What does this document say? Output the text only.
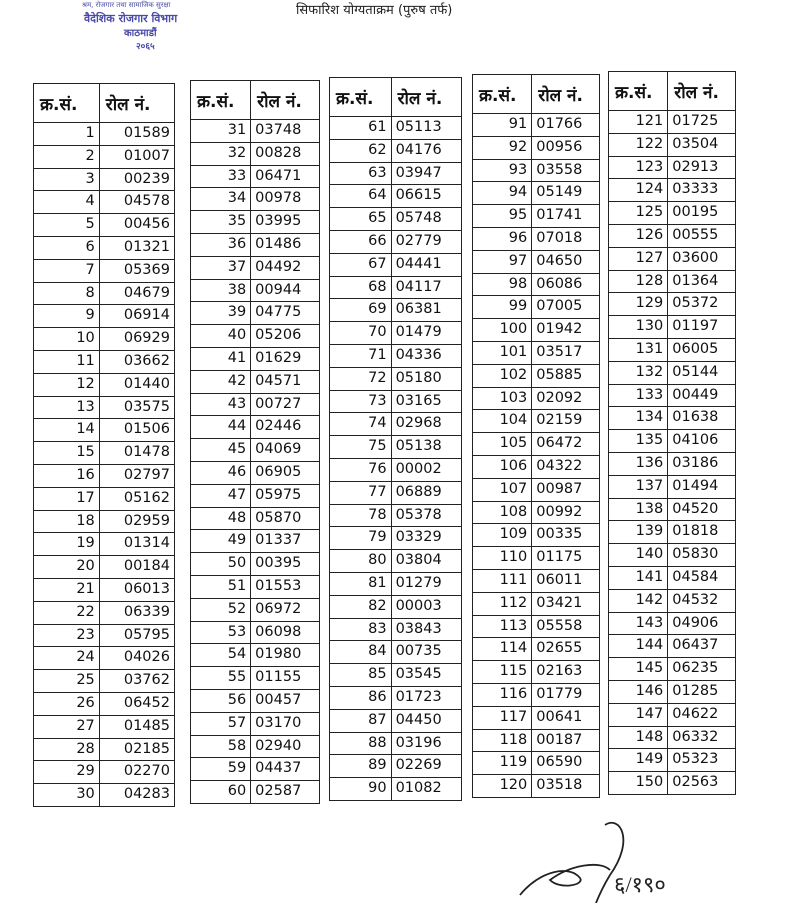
सिफारिश योग्यताक्रम (पुरुष तर्फ)
श्रम, रोजगार तथा सामाजिक सुरक्षा
वैदेशिक रोजगार विभाग
काठमाडौं
२०६५
क्र.सं.	रोल नं.
1	01589
2	01007
3	00239
4	04578
5	00456
6	01321
7	05369
8	04679
9	06914
10	06929
11	03662
12	01440
13	03575
14	01506
15	01478
16	02797
17	05162
18	02959
19	01314
20	00184
21	06013
22	06339
23	05795
24	04026
25	03762
26	06452
27	01485
28	02185
29	02270
30	04283
क्र.सं.	रोल नं.
31	03748
32	00828
33	06471
34	00978
35	03995
36	01486
37	04492
38	00944
39	04775
40	05206
41	01629
42	04571
43	00727
44	02446
45	04069
46	06905
47	05975
48	05870
49	01337
50	00395
51	01553
52	06972
53	06098
54	01980
55	01155
56	00457
57	03170
58	02940
59	04437
60	02587
क्र.सं.	रोल नं.
61	05113
62	04176
63	03947
64	06615
65	05748
66	02779
67	04441
68	04117
69	06381
70	01479
71	04336
72	05180
73	03165
74	02968
75	05138
76	00002
77	06889
78	05378
79	03329
80	03804
81	01279
82	00003
83	03843
84	00735
85	03545
86	01723
87	04450
88	03196
89	02269
90	01082
क्र.सं.	रोल नं.
91	01766
92	00956
93	03558
94	05149
95	01741
96	07018
97	04650
98	06086
99	07005
100	01942
101	03517
102	05885
103	02092
104	02159
105	06472
106	04322
107	00987
108	00992
109	00335
110	01175
111	06011
112	03421
113	05558
114	02655
115	02163
116	01779
117	00641
118	00187
119	06590
120	03518
क्र.सं.	रोल नं.
121	01725
122	03504
123	02913
124	03333
125	00195
126	00555
127	03600
128	01364
129	05372
130	01197
131	06005
132	05144
133	00449
134	01638
135	04106
136	03186
137	01494
138	04520
139	01818
140	05830
141	04584
142	04532
143	04906
144	06437
145	06235
146	01285
147	04622
148	06332
149	05323
150	02563
६/१९०
